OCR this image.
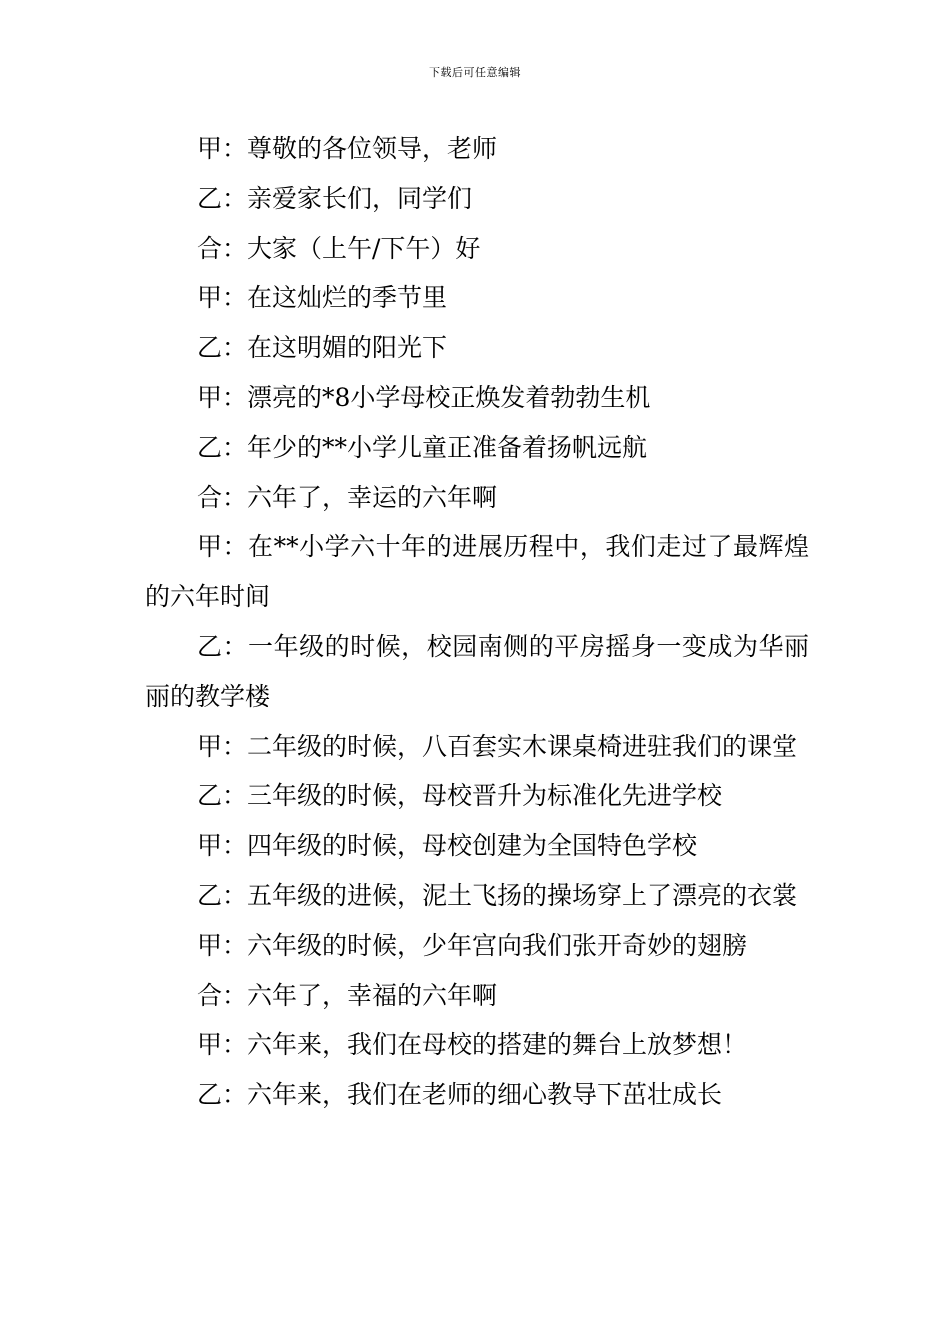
下载后可任意编辑

甲：尊敬的各位领导，老师

乙：亲爱家长们，同学们

合：大家（上午/下午）好

甲：在这灿烂的季节里

乙：在这明媚的阳光下

甲：漂亮的*8小学母校正焕发着勃勃生机

乙：年少的**小学儿童正准备着扬帆远航

合：六年了，幸运的六年啊

甲：在**小学六十年的进展历程中，我们走过了最辉煌的六年时间

乙：一年级的时候，校园南侧的平房摇身一变成为华丽丽的教学楼

甲：二年级的时候，八百套实木课桌椅进驻我们的课堂

乙：三年级的时候，母校晋升为标准化先进学校

甲：四年级的时候，母校创建为全国特色学校

乙：五年级的进候，泥土飞扬的操场穿上了漂亮的衣裳

甲：六年级的时候，少年宫向我们张开奇妙的翅膀

合：六年了，幸福的六年啊

甲：六年来，我们在母校的搭建的舞台上放梦想！

乙：六年来，我们在老师的细心教导下茁壮成长
